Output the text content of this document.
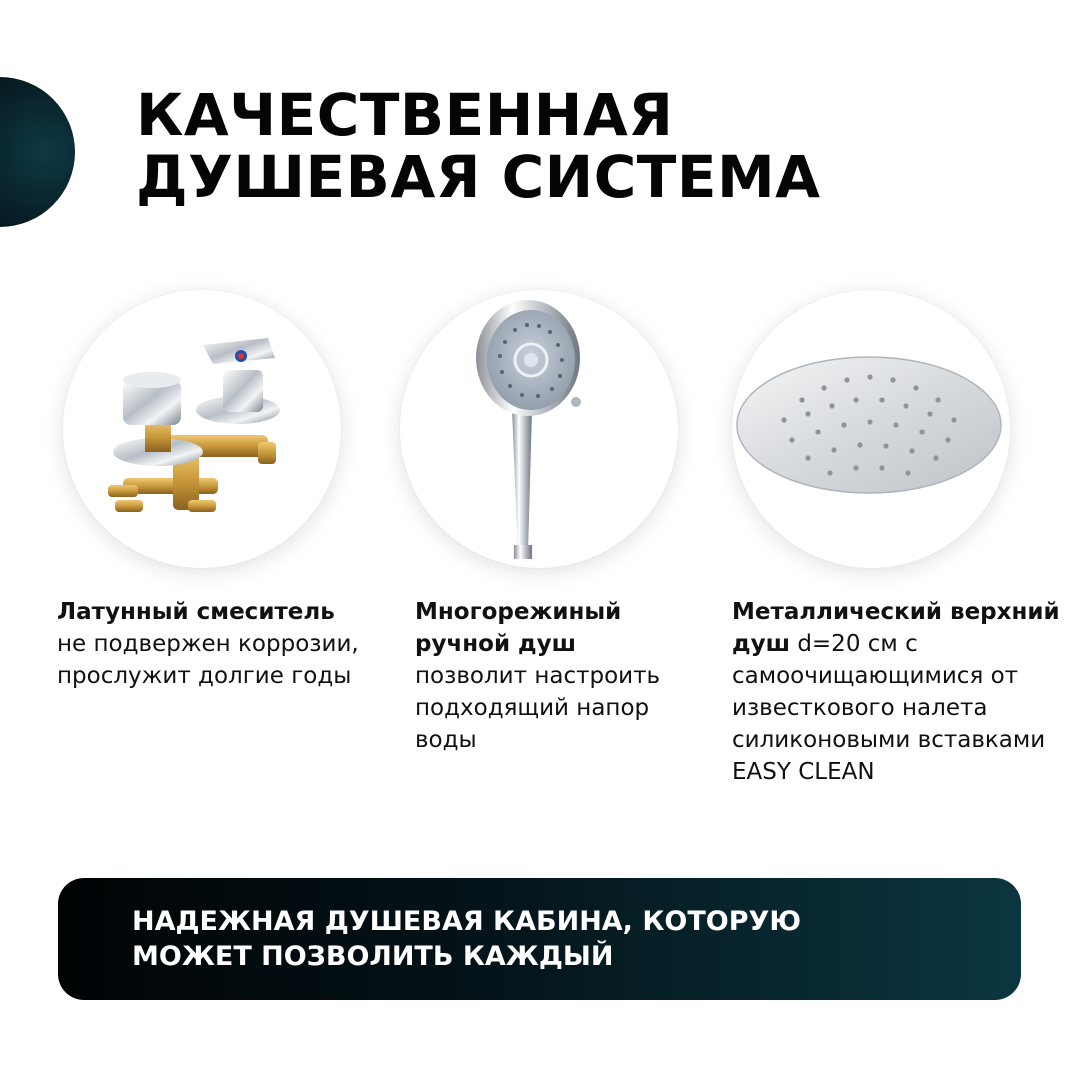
КАЧЕСТВЕННАЯ
ДУШЕВАЯ СИСТЕМА

Латунный смеситель
не подвержен коррозии, прослужит долгие годы

Многорежиный ручной душ
позволит настроить подходящий напор воды

Металлический верхний душ d=20 см с самоочищающимися от известкового налета силиконовыми вставками EASY CLEAN

НАДЕЖНАЯ ДУШЕВАЯ КАБИНА, КОТОРУЮ
МОЖЕТ ПОЗВОЛИТЬ КАЖДЫЙ
